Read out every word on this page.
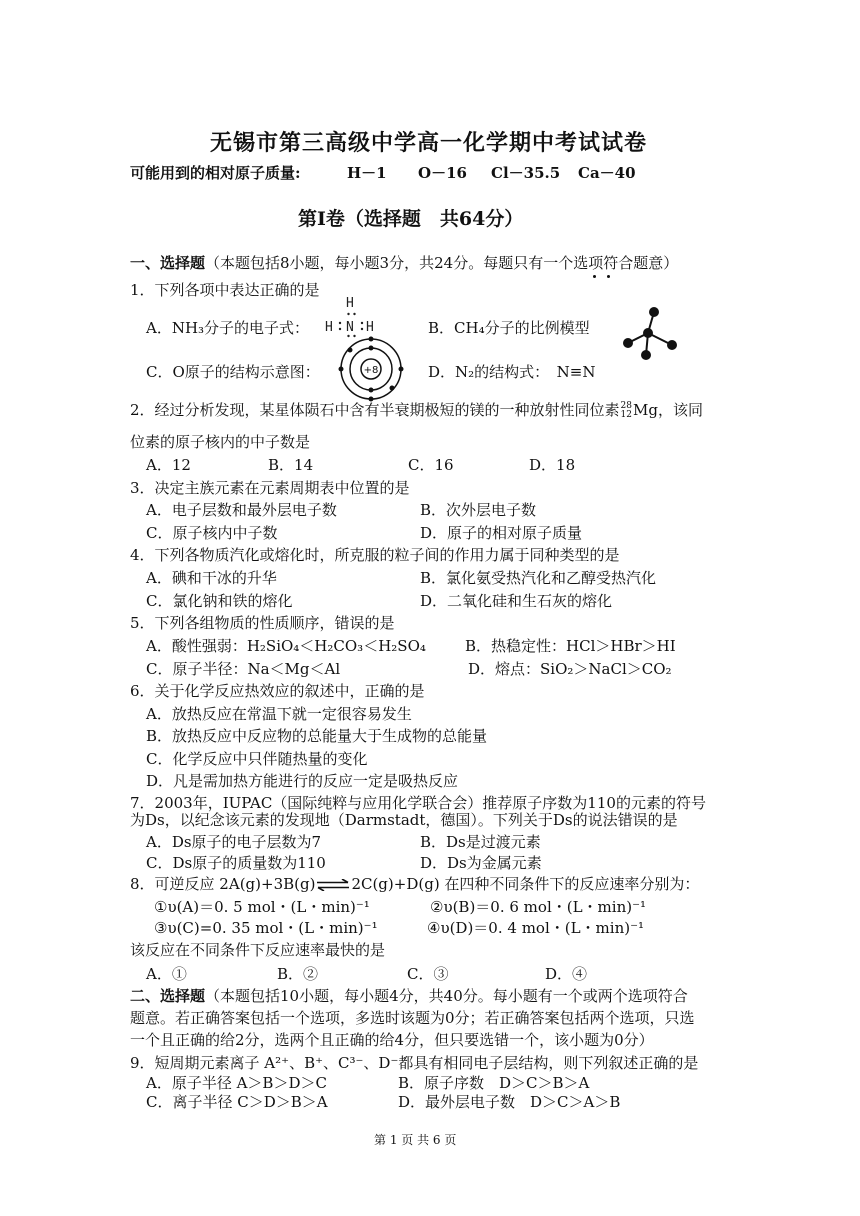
无锡市第三高级中学高一化学期中考试试卷
可能用到的相对原子质量:	H－1 O－16 Cl－35.5 Ca－40
第Ⅰ卷（选择题　共64分）
一、选择题（本题包括8小题，每小题3分，共24分。每题只有一个选项符合题意）
1．下列各项中表达正确的是
A．NH₃分子的电子式：
H
H N H	B．CH₄分子的比例模型
C．O原子的结构示意图：	+8	D．N₂的结构式：　N≡N
2．经过分析发现，某星体陨石中含有半衰期极短的镁的一种放射性同位素 28
12 Mg，该同
位素的原子核内的中子数是
A．12	B．14	C．16	D．18
3．决定主族元素在元素周期表中位置的是
A．电子层数和最外层电子数	B．次外层电子数
C．原子核内中子数	D．原子的相对原子质量
4．下列各物质汽化或熔化时，所克服的粒子间的作用力属于同种类型的是
A．碘和干冰的升华	B．氯化氨受热汽化和乙醇受热汽化
C．氯化钠和铁的熔化	D．二氧化硅和生石灰的熔化
5．下列各组物质的性质顺序，错误的是
A．酸性强弱：H₂SiO₄＜H₂CO₃＜H₂SO₄	B．热稳定性：HCl＞HBr＞HI
C．原子半径：Na＜Mg＜Al	D．熔点：SiO₂＞NaCl＞CO₂
6．关于化学反应热效应的叙述中，正确的是
A．放热反应在常温下就一定很容易发生
B．放热反应中反应物的总能量大于生成物的总能量
C．化学反应中只伴随热量的变化
D．凡是需加热方能进行的反应一定是吸热反应
7．2003年，IUPAC（国际纯粹与应用化学联合会）推荐原子序数为110的元素的符号
为Ds，以纪念该元素的发现地（Darmstadt，德国）。下列关于Ds的说法错误的是
A．Ds原子的电子层数为7	B．Ds是过渡元素
C．Ds原子的质量数为110	D．Ds为金属元素
8．可逆反应 2A(g)+3B(g)⇌2C(g)+D(g) 在四种不同条件下的反应速率分别为：
①υ(A)＝0. 5 mol・(L・min)⁻¹	②υ(B)＝0. 6 mol・(L・min)⁻¹
③υ(C)=0. 35 mol・(L・min)⁻¹	④υ(D)＝0. 4 mol・(L・min)⁻¹
该反应在不同条件下反应速率最快的是
A．①	B．②	C．③	D．④
二、选择题（本题包括10小题，每小题4分，共40分。每小题有一个或两个选项符合
题意。若正确答案包括一个选项，多选时该题为0分；若正确答案包括两个选项，只选
一个且正确的给2分，选两个且正确的给4分，但只要选错一个，该小题为0分）
9．短周期元素离子 A²⁺、B⁺、C³⁻、D⁻都具有相同电子层结构，则下列叙述正确的是
A．原子半径 A＞B＞D＞C	B．原子序数　D＞C＞B＞A
C．离子半径 C＞D＞B＞A	D．最外层电子数　D＞C＞A＞B
第 1 页 共 6 页
